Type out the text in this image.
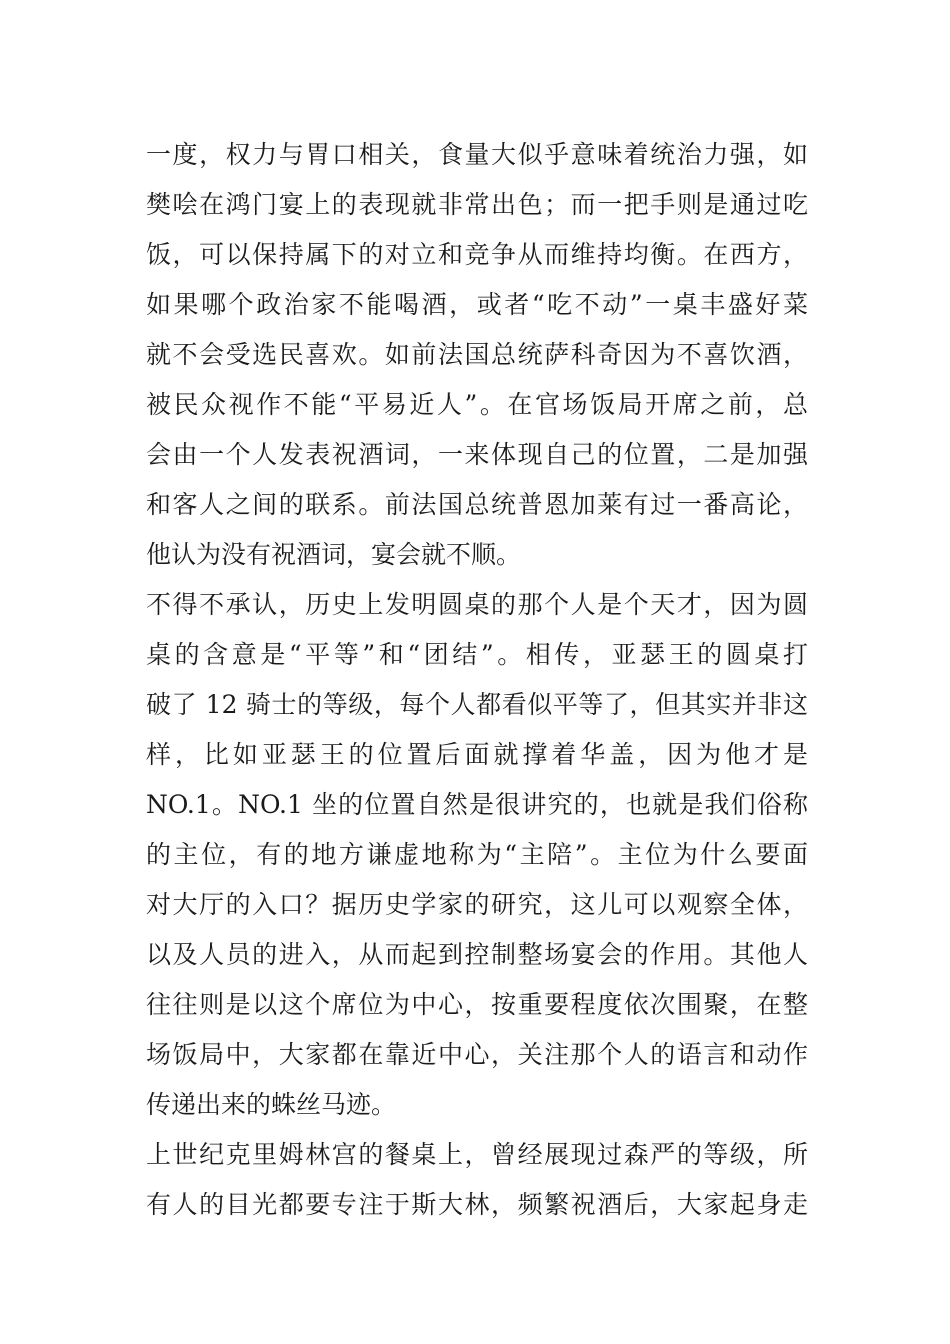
一度，权力与胃口相关，食量大似乎意味着统治力强，如
樊哙在鸿门宴上的表现就非常出色；而一把手则是通过吃
饭，可以保持属下的对立和竞争从而维持均衡。在西方，
如果哪个政治家不能喝酒，或者“吃不动”一桌丰盛好菜
就不会受选民喜欢。如前法国总统萨科奇因为不喜饮酒，
被民众视作不能“平易近人”。在官场饭局开席之前，总
会由一个人发表祝酒词，一来体现自己的位置，二是加强
和客人之间的联系。前法国总统普恩加莱有过一番高论，
他认为没有祝酒词，宴会就不顺。
不得不承认，历史上发明圆桌的那个人是个天才，因为圆
桌的含意是“平等”和“团结”。相传，亚瑟王的圆桌打
破了 12 骑士的等级，每个人都看似平等了，但其实并非这
样，比如亚瑟王的位置后面就撑着华盖，因为他才是
NO.1。NO.1 坐的位置自然是很讲究的，也就是我们俗称
的主位，有的地方谦虚地称为“主陪”。主位为什么要面
对大厅的入口？据历史学家的研究，这儿可以观察全体，
以及人员的进入，从而起到控制整场宴会的作用。其他人
往往则是以这个席位为中心，按重要程度依次围聚，在整
场饭局中，大家都在靠近中心，关注那个人的语言和动作
传递出来的蛛丝马迹。
上世纪克里姆林宫的餐桌上，曾经展现过森严的等级，所
有人的目光都要专注于斯大林，频繁祝酒后，大家起身走
